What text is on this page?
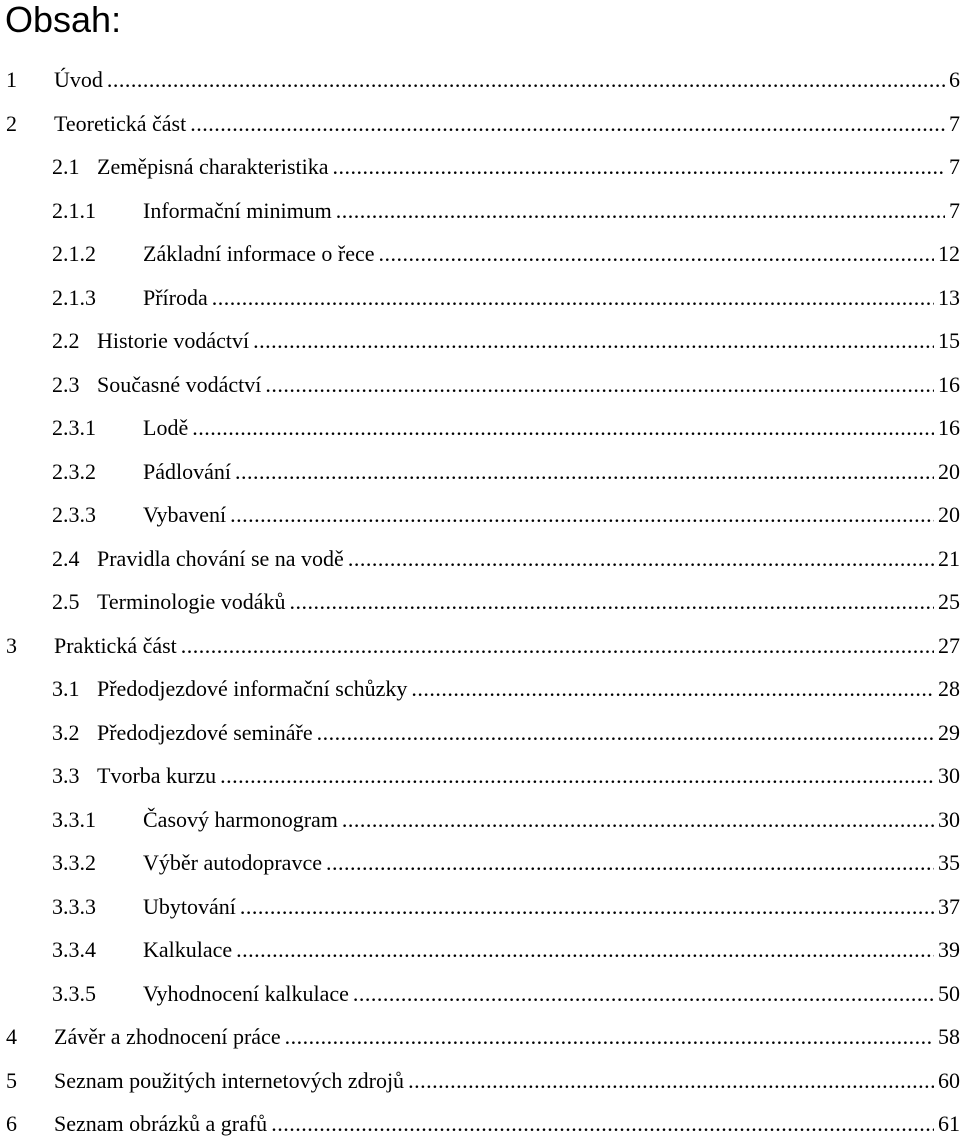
Obsah:
1 Úvod .....	6
2 Teoretická část .....	7
2.1 Zeměpisná charakteristika .....	7
2.1.1 Informační minimum .....	7
2.1.2 Základní informace o řece .....	12
2.1.3 Příroda .....	13
2.2 Historie vodáctví .....	15
2.3 Současné vodáctví .....	16
2.3.1 Lodě .....	16
2.3.2 Pádlování .....	20
2.3.3 Vybavení .....	20
2.4 Pravidla chování se na vodě .....	21
2.5 Terminologie vodáků .....	25
3 Praktická část .....	27
3.1 Předodjezdové informační schůzky .....	28
3.2 Předodjezdové semináře .....	29
3.3 Tvorba kurzu .....	30
3.3.1 Časový harmonogram .....	30
3.3.2 Výběr autodopravce .....	35
3.3.3 Ubytování .....	37
3.3.4 Kalkulace .....	39
3.3.5 Vyhodnocení kalkulace .....	50
4 Závěr a zhodnocení práce .....	58
5 Seznam použitých internetových zdrojů .....	60
6 Seznam obrázků a grafů .....	61
